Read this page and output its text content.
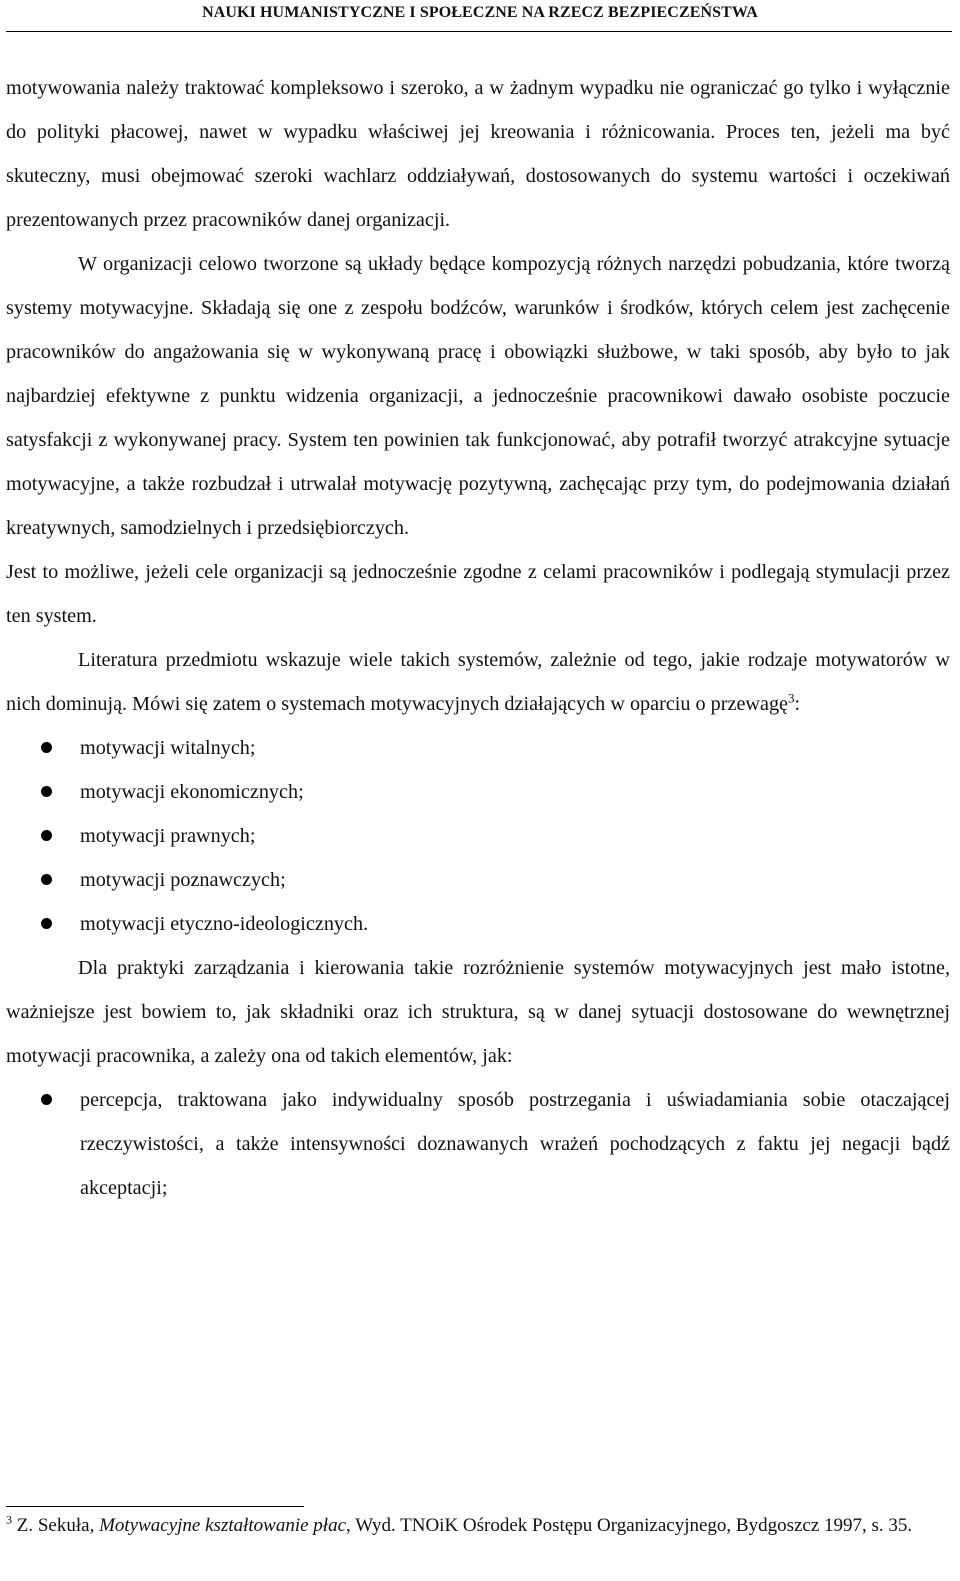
NAUKI HUMANISTYCZNE I SPOŁECZNE NA RZECZ BEZPIECZEŃSTWA

motywowania należy traktować kompleksowo i szeroko, a w żadnym wypadku nie ograniczać go tylko i wyłącznie do polityki płacowej, nawet w wypadku właściwej jej kreowania i różnicowania. Proces ten, jeżeli ma być skuteczny, musi obejmować szeroki wachlarz oddziaływań, dostosowanych do systemu wartości i oczekiwań prezentowanych przez pracowników danej organizacji.

W organizacji celowo tworzone są układy będące kompozycją różnych narzędzi pobudzania, które tworzą systemy motywacyjne. Składają się one z zespołu bodźców, warunków i środków, których celem jest zachęcenie pracowników do angażowania się w wykonywaną pracę i obowiązki służbowe, w taki sposób, aby było to jak najbardziej efektywne z punktu widzenia organizacji, a jednocześnie pracownikowi dawało osobiste poczucie satysfakcji z wykonywanej pracy. System ten powinien tak funkcjonować, aby potrafił tworzyć atrakcyjne sytuacje motywacyjne, a także rozbudzał i utrwalał motywację pozytywną, zachęcając przy tym, do podejmowania działań kreatywnych, samodzielnych i przedsiębiorczych.

Jest to możliwe, jeżeli cele organizacji są jednocześnie zgodne z celami pracowników i podlegają stymulacji przez ten system.

Literatura przedmiotu wskazuje wiele takich systemów, zależnie od tego, jakie rodzaje motywatorów w nich dominują. Mówi się zatem o systemach motywacyjnych działających w oparciu o przewagę$^3$:

motywacji witalnych;
motywacji ekonomicznych;
motywacji prawnych;
motywacji poznawczych;
motywacji etyczno-ideologicznych.

Dla praktyki zarządzania i kierowania takie rozróżnienie systemów motywacyjnych jest mało istotne, ważniejsze jest bowiem to, jak składniki oraz ich struktura, są w danej sytuacji dostosowane do wewnętrznej motywacji pracownika, a zależy ona od takich elementów, jak:

percepcja, traktowana jako indywidualny sposób postrzegania i uświadamiania sobie otaczającej rzeczywistości, a także intensywności doznawanych wrażeń pochodzących z faktu jej negacji bądź akceptacji;
$^3$ Z. Sekuła, Motywacyjne kształtowanie płac, Wyd. TNOiK Ośrodek Postępu Organizacyjnego, Bydgoszcz 1997, s. 35.
